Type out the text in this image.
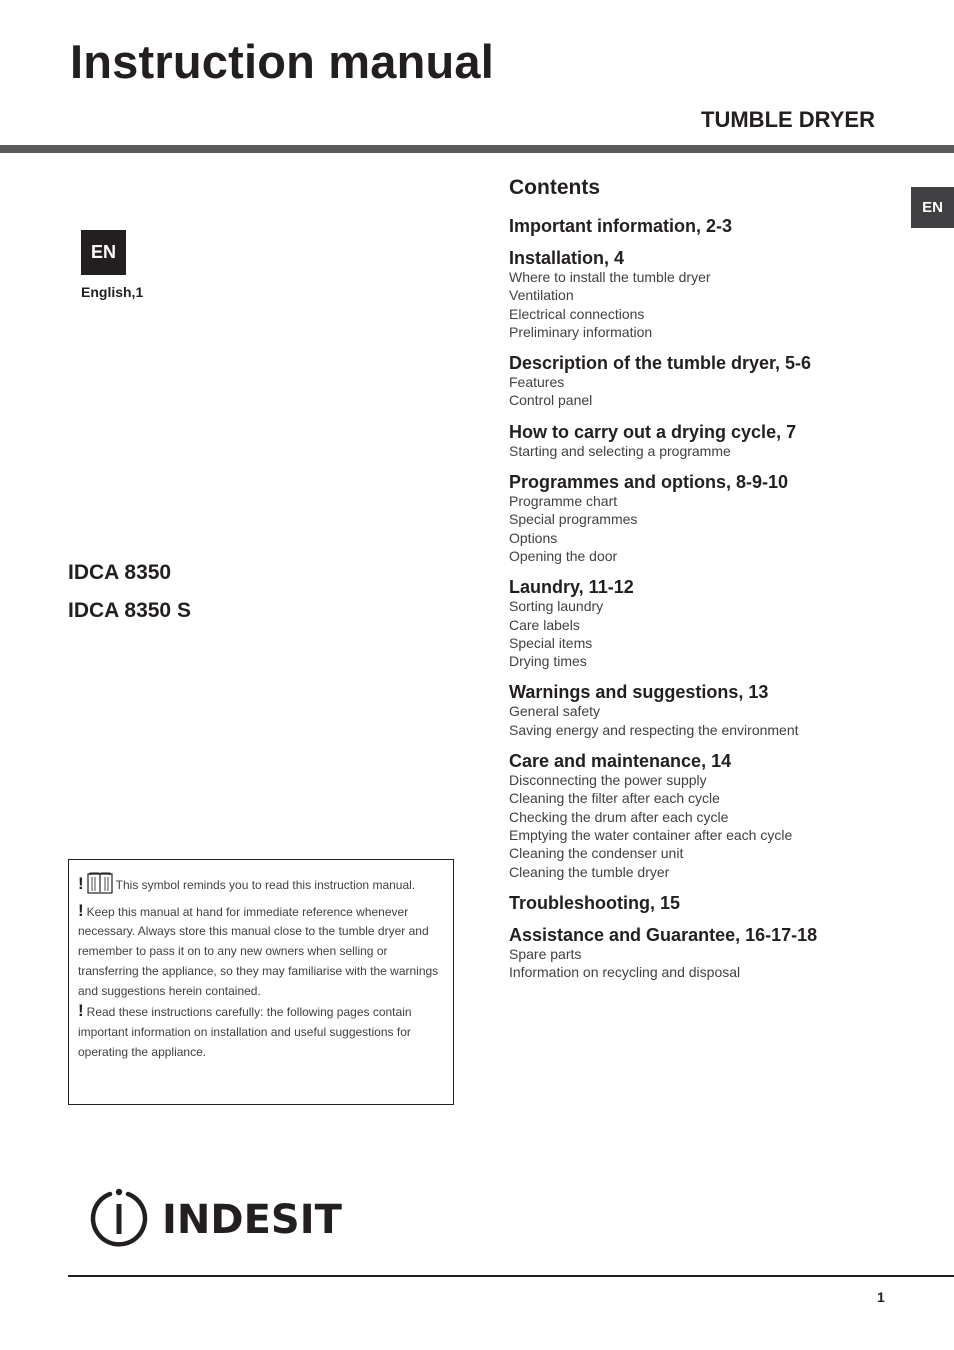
Instruction manual
TUMBLE DRYER
EN
English,1
EN
IDCA 8350
IDCA 8350 S
Contents
Important information, 2-3
Installation, 4
Where to install the tumble dryer
Ventilation
Electrical connections
Preliminary information
Description of the tumble dryer, 5-6
Features
Control panel
How to carry out a drying cycle, 7
Starting and selecting a programme
Programmes and options, 8-9-10
Programme chart
Special programmes
Options
Opening the door
Laundry, 11-12
Sorting laundry
Care labels
Special items
Drying times
Warnings and suggestions, 13
General safety
Saving energy and respecting the environment
Care and maintenance, 14
Disconnecting the power supply
Cleaning the filter after each cycle
Checking the drum after each cycle
Emptying the water container after each cycle
Cleaning the condenser unit
Cleaning the tumble dryer
Troubleshooting, 15
Assistance and Guarantee, 16-17-18
Spare parts
Information on recycling and disposal

!	This symbol reminds you to read this instruction manual.

! Keep this manual at hand for immediate reference whenever necessary. Always store this manual close to the tumble dryer and remember to pass it on to any new owners when selling or transferring the appliance, so they may familiarise with the warnings and suggestions herein contained.

! Read these instructions carefully: the following pages contain important information on installation and useful suggestions for operating the appliance.

INDESIT
1
